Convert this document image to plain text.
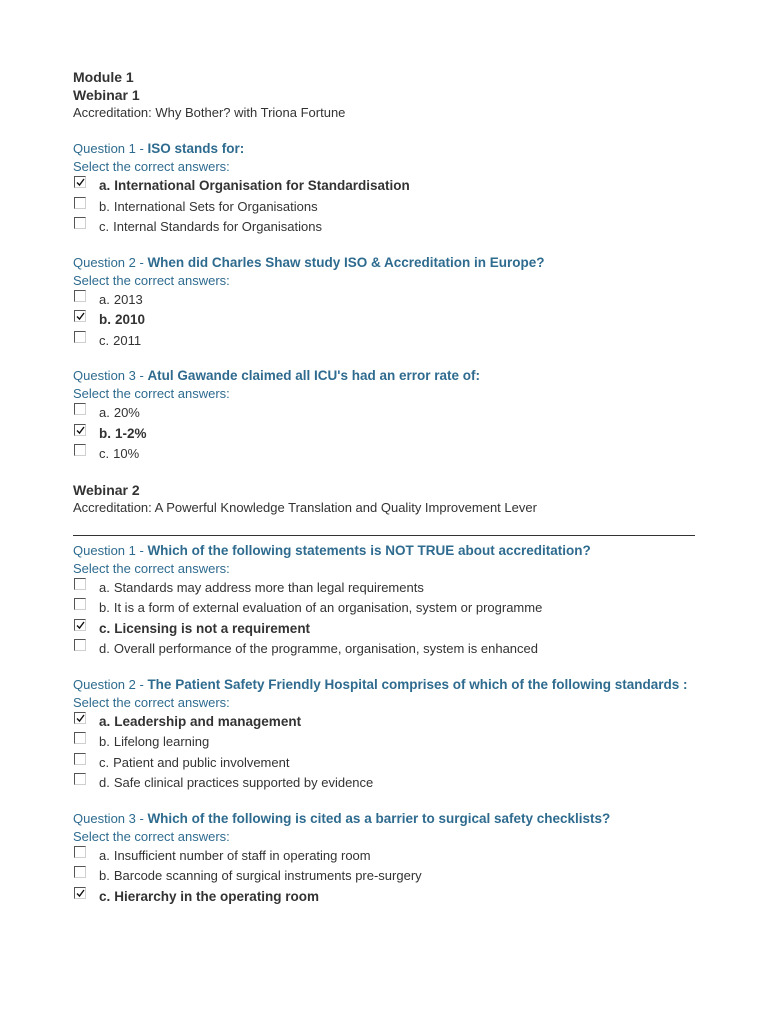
Module 1
Webinar 1
Accreditation: Why Bother? with Triona Fortune
Question 1 - ISO stands for:
Select the correct answers:
a. International Organisation for Standardisation
b. International Sets for Organisations
c. Internal Standards for Organisations
Question 2 - When did Charles Shaw study ISO & Accreditation in Europe?
Select the correct answers:
a. 2013
b. 2010
c. 2011
Question 3 - Atul Gawande claimed all ICU's had an error rate of:
Select the correct answers:
a. 20%
b. 1-2%
c. 10%
Webinar 2
Accreditation: A Powerful Knowledge Translation and Quality Improvement Lever
Question 1 - Which of the following statements is NOT TRUE about accreditation?
Select the correct answers:
a. Standards may address more than legal requirements
b. It is a form of external evaluation of an organisation, system or programme
c. Licensing is not a requirement
d. Overall performance of the programme, organisation, system is enhanced
Question 2 - The Patient Safety Friendly Hospital comprises of which of the following standards :
Select the correct answers:
a. Leadership and management
b. Lifelong learning
c. Patient and public involvement
d. Safe clinical practices supported by evidence
Question 3 - Which of the following is cited as a barrier to surgical safety checklists?
Select the correct answers:
a. Insufficient number of staff in operating room
b. Barcode scanning of surgical instruments pre-surgery
c. Hierarchy in the operating room
